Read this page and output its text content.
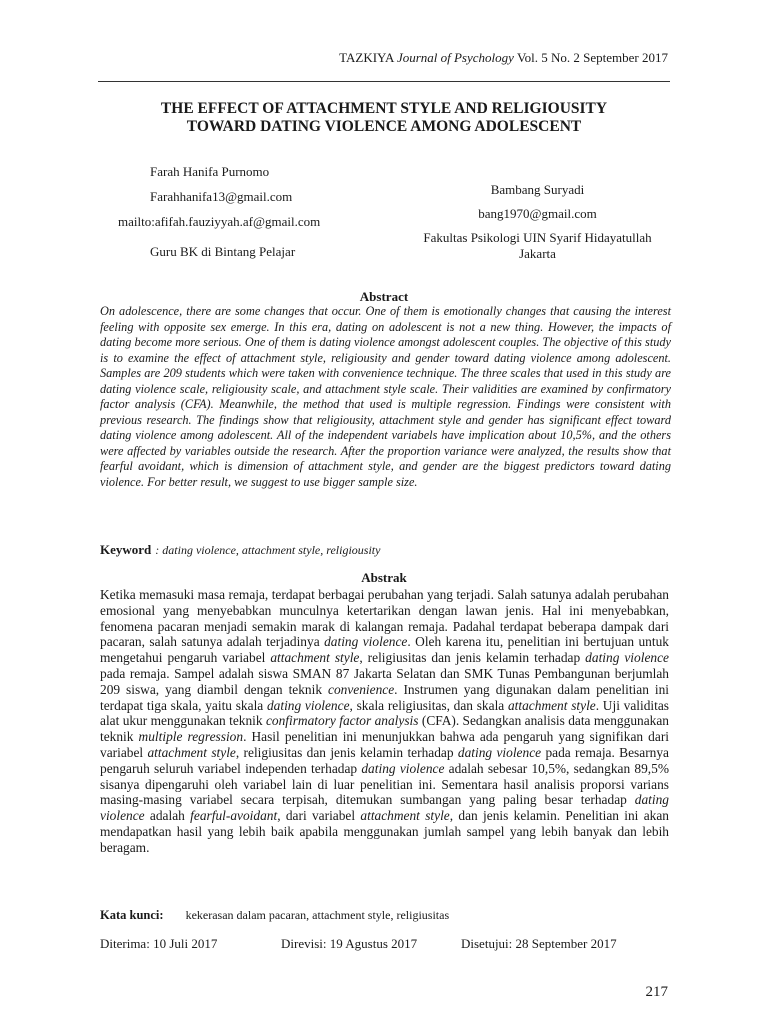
TAZKIYA Journal of Psychology Vol. 5 No. 2 September 2017
THE EFFECT OF ATTACHMENT STYLE AND RELIGIOUSITY
TOWARD DATING VIOLENCE AMONG ADOLESCENT
Farah Hanifa Purnomo
Farahhanifa13@gmail.com
mailto:afifah.fauziyyah.af@gmail.com
Guru BK di Bintang Pelajar
Bambang Suryadi
bang1970@gmail.com
Fakultas Psikologi UIN Syarif Hidayatullah
Jakarta
Abstract
On adolescence, there are some changes that occur. One of them is emotionally changes that causing the interest feeling with opposite sex emerge. In this era, dating on adolescent is not a new thing. However, the impacts of dating become more serious. One of them is dating violence amongst adolescent couples. The objective of this study is to examine the effect of attachment style, religiousity and gender toward dating violence among adolescent. Samples are 209 students which were taken with convenience technique. The three scales that used in this study are dating violence scale, religiousity scale, and attachment style scale. Their validities are examined by confirmatory factor analysis (CFA). Meanwhile, the method that used is multiple regression. Findings were consistent with previous research. The findings show that religiousity, attachment style and gender has significant effect toward dating violence among adolescent. All of the independent variabels have implication about 10,5%, and the others were affected by variables outside the research. After the proportion variance were analyzed, the results show that fearful avoidant, which is dimension of attachment style, and gender are the biggest predictors toward dating violence. For better result, we suggest to use bigger sample size.
Keyword : dating violence, attachment style, religiousity
Abstrak
Ketika memasuki masa remaja, terdapat berbagai perubahan yang terjadi. Salah satunya adalah perubahan emosional yang menyebabkan munculnya ketertarikan dengan lawan jenis. Hal ini menyebabkan, fenomena pacaran menjadi semakin marak di kalangan remaja. Padahal terdapat beberapa dampak dari pacaran, salah satunya adalah terjadinya dating violence. Oleh karena itu, penelitian ini bertujuan untuk mengetahui pengaruh variabel attachment style, religiusitas dan jenis kelamin terhadap dating violence pada remaja. Sampel adalah siswa SMAN 87 Jakarta Selatan dan SMK Tunas Pembangunan berjumlah 209 siswa, yang diambil dengan teknik convenience. Instrumen yang digunakan dalam penelitian ini terdapat tiga skala, yaitu skala dating violence, skala religiusitas, dan skala attachment style. Uji validitas alat ukur menggunakan teknik confirmatory factor analysis (CFA). Sedangkan analisis data menggunakan teknik multiple regression. Hasil penelitian ini menunjukkan bahwa ada pengaruh yang signifikan dari variabel attachment style, religiusitas dan jenis kelamin terhadap dating violence pada remaja. Besarnya pengaruh seluruh variabel independen terhadap dating violence adalah sebesar 10,5%, sedangkan 89,5% sisanya dipengaruhi oleh variabel lain di luar penelitian ini. Sementara hasil analisis proporsi varians masing-masing variabel secara terpisah, ditemukan sumbangan yang paling besar terhadap dating violence adalah fearful-avoidant, dari variabel attachment style, dan jenis kelamin. Penelitian ini akan mendapatkan hasil yang lebih baik apabila menggunakan jumlah sampel yang lebih banyak dan lebih beragam.
Kata kunci: kekerasan dalam pacaran, attachment style, religiusitas
Diterima: 10 Juli 2017	Direvisi: 19 Agustus 2017	Disetujui: 28 September 2017
217
